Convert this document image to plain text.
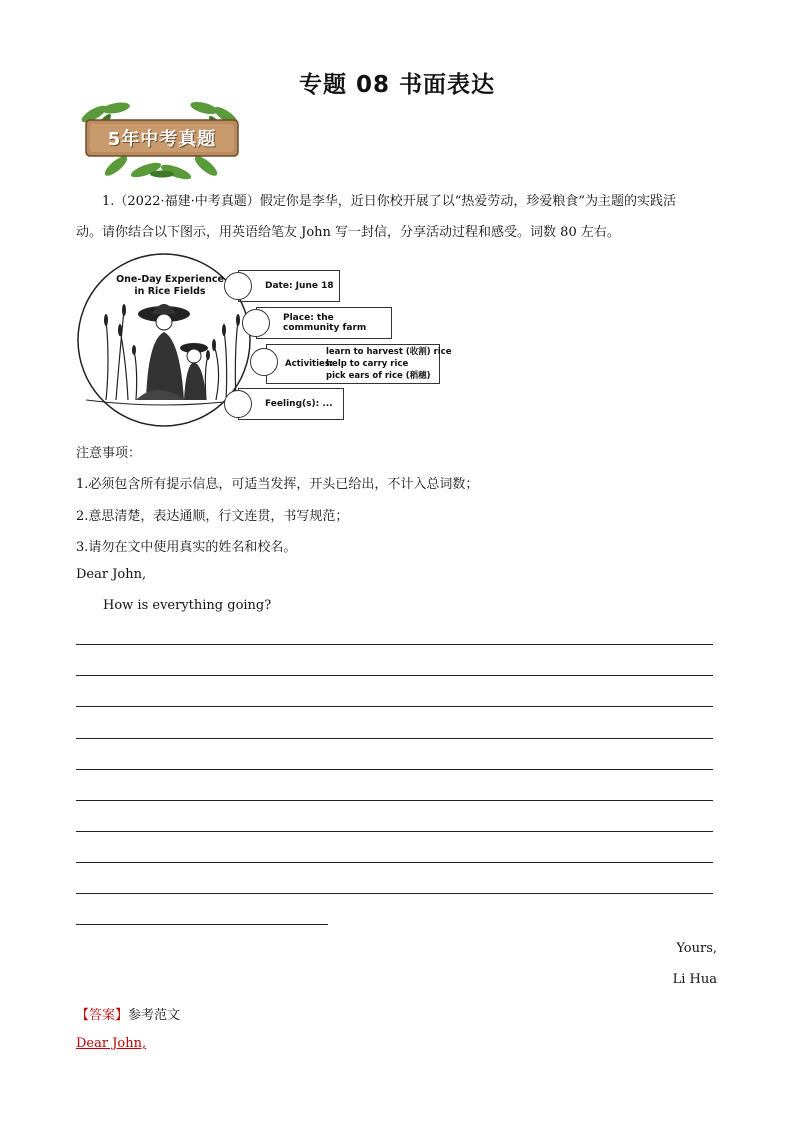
专题 08 书面表达
5年中考真题
1.（2022·福建·中考真题）假定你是李华，近日你校开展了以“热爱劳动，珍爱粮食”为主题的实践活
动。请你结合以下图示，用英语给笔友 John 写一封信，分享活动过程和感受。词数 80 左右。
One-Day Experience
in Rice Fields	Date: June 18
Place: the community farm
Activities:
learn to harvest (收割) rice
help to carry rice
pick ears of rice (稻穗)
Feeling(s): ...
注意事项：
1.必须包含所有提示信息，可适当发挥，开头已给出，不计入总词数；
2.意思清楚，表达通顺，行文连贯，书写规范；
3.请勿在文中使用真实的姓名和校名。
Dear John,
How is everything going?
Yours,
Li Hua
【答案】参考范文
Dear John,
